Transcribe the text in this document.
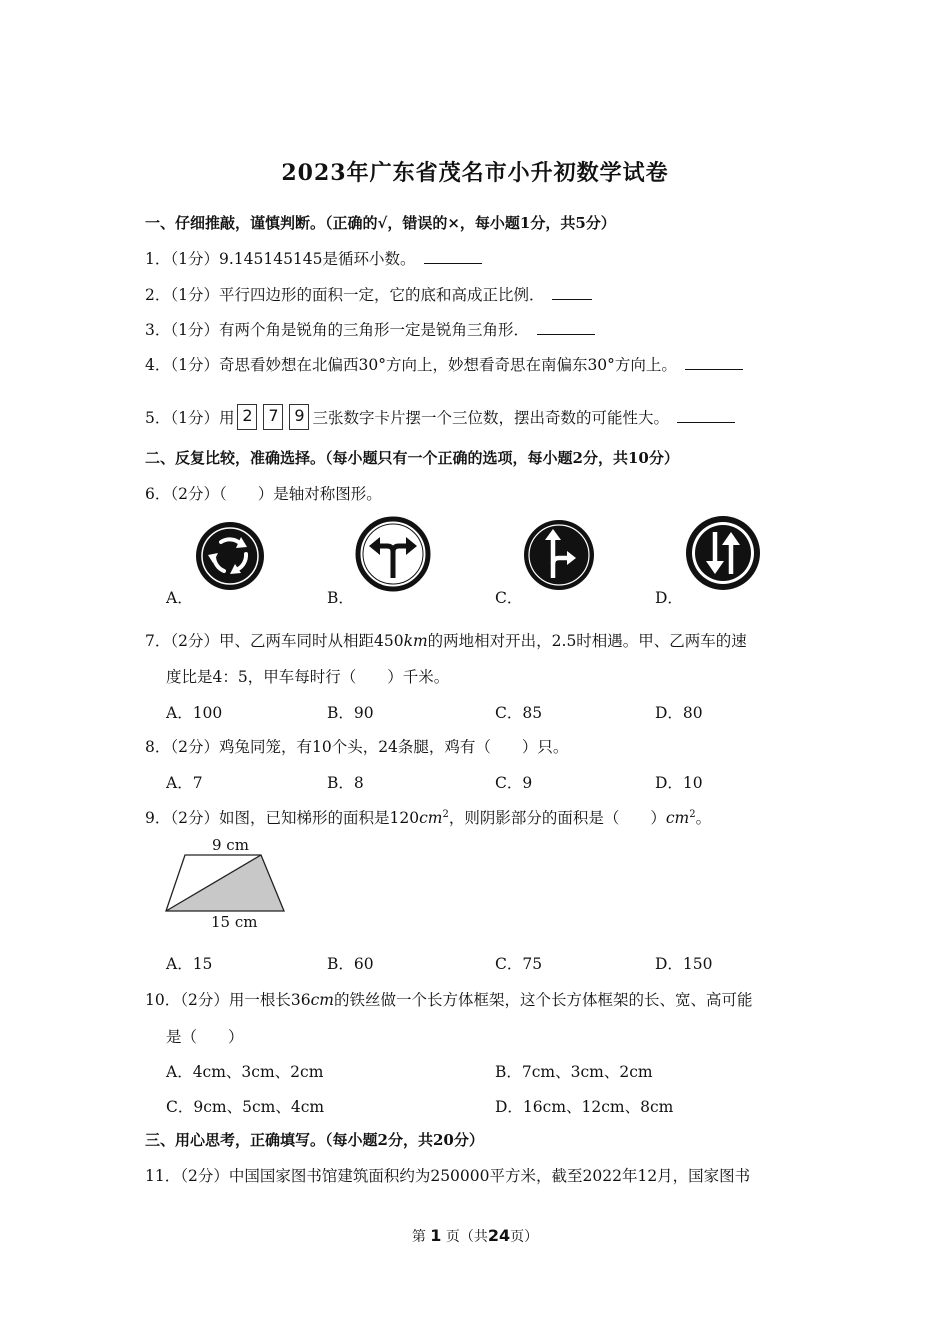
2023年广东省茂名市小升初数学试卷
一、仔细推敲，谨慎判断。（正确的√，错误的×，每小题1分，共5分）
1．（1分）9.145145145是循环小数。
2．（1分）平行四边形的面积一定，它的底和高成正比例．
3．（1分）有两个角是锐角的三角形一定是锐角三角形．
4．（1分）奇思看妙想在北偏西30°方向上，妙想看奇思在南偏东30°方向上。
5．（1分）用 2 7 9 三张数字卡片摆一个三位数，摆出奇数的可能性大。
二、反复比较，准确选择。（每小题只有一个正确的选项，每小题2分，共10分）
6．（2分）（　　）是轴对称图形。
A．	B．	C．	D．
7．（2分）甲、乙两车同时从相距450km的两地相对开出，2.5时相遇。甲、乙两车的速
度比是4：5，甲车每时行（　　）千米。
A．100	B．90	C．85	D．80
8．（2分）鸡兔同笼，有10个头，24条腿，鸡有（　　）只。
A．7	B．8	C．9	D．10
9．（2分）如图，已知梯形的面积是$120cm^2$，则阴影部分的面积是（　　）$cm^2$。
9 cm
15 cm
A．15	B．60	C．75	D．150
10．（2分）用一根长36cm的铁丝做一个长方体框架，这个长方体框架的长、宽、高可能
是（　　）
A．4cm、3cm、2cm	B．7cm、3cm、2cm
C．9cm、5cm、4cm	D．16cm、12cm、8cm
三、用心思考，正确填写。（每小题2分，共20分）
11．（2分）中国国家图书馆建筑面积约为250000平方米，截至2022年12月，国家图书
第 1 页（共24页）
